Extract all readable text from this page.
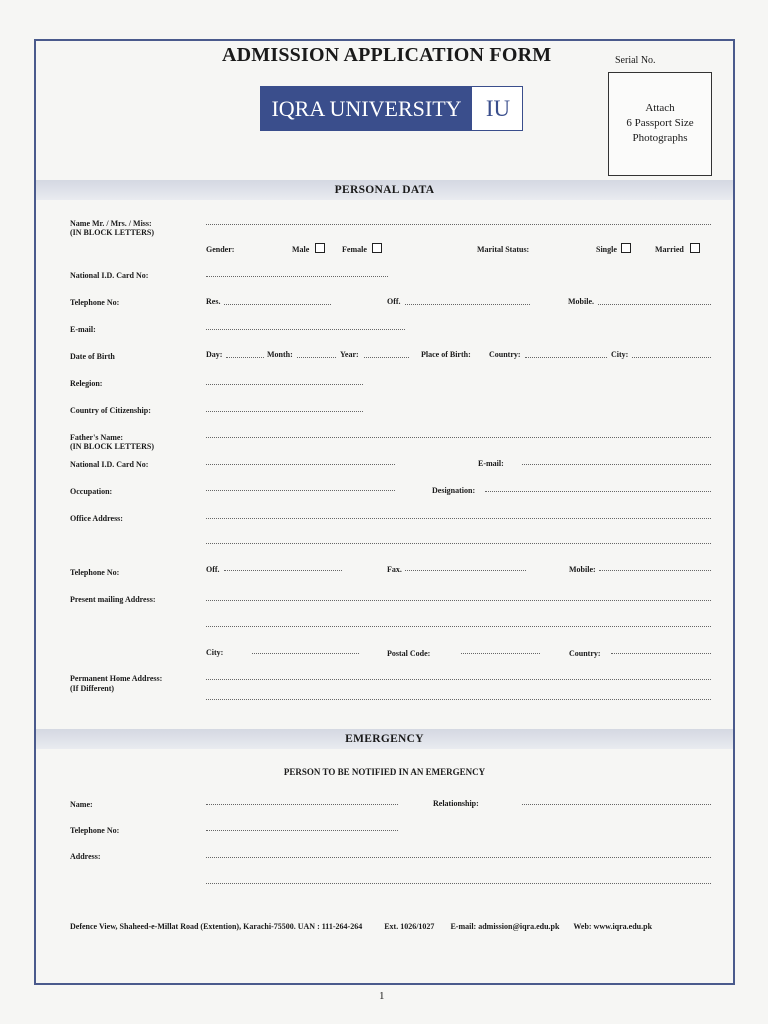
ADMISSION APPLICATION FORM	Serial No.
IQRA UNIVERSITY	IU	Attach
6 Passport Size
Photographs
PERSONAL DATA
Name Mr. / Mrs. / Miss:
(IN BLOCK LETTERS)
Gender:	Male	Female	Marital Status:	Single	Married
National I.D. Card No:
Telephone No:	Res.	Off.	Mobile.
E-mail:
Date of Birth	Day:	Month:	Year:	Place of Birth: Country:	City:
Relegion:
Country of Citizenship:
Father's Name:
(IN BLOCK LETTERS)
National I.D. Card No:	E-mail:
Occupation:	Designation:
Office Address:
Telephone No:	Off.	Fax.	Mobile:
Present mailing Address:
City:	Postal Code:	Country:
Permanent Home Address:
(If Different)
EMERGENCY
PERSON TO BE NOTIFIED IN AN EMERGENCY
Name:	Relationship:
Telephone No:
Address:
Defence View, Shaheed-e-Millat Road (Extention), Karachi-75500. UAN : 111-264-264	Ext. 1026/1027 E-mail: admission@iqra.edu.pk Web: www.iqra.edu.pk
1
